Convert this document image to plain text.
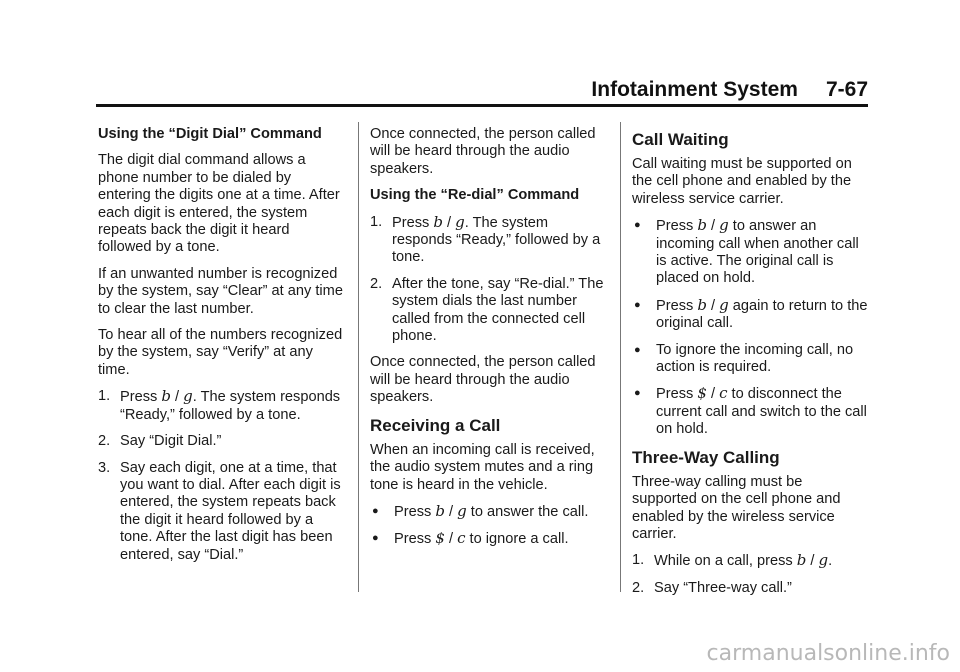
Infotainment System 7-67

Using the “Digit Dial” Command

The digit dial command allows a phone number to be dialed by entering the digits one at a time. After each digit is entered, the system repeats back the digit it heard followed by a tone.

If an unwanted number is recognized by the system, say “Clear” at any time to clear the last number.

To hear all of the numbers recognized by the system, say “Verify” at any time.

1. Press b / g. The system responds “Ready,” followed by a tone.
2. Say “Digit Dial.”
3. Say each digit, one at a time, that you want to dial. After each digit is entered, the system repeats back the digit it heard followed by a tone. After the last digit has been entered, say “Dial.”

Once connected, the person called will be heard through the audio speakers.

Using the “Re-dial” Command

1. Press b / g. The system responds “Ready,” followed by a tone.
2. After the tone, say “Re-dial.” The system dials the last number called from the connected cell phone.

Once connected, the person called will be heard through the audio speakers.

Receiving a Call

When an incoming call is received, the audio system mutes and a ring tone is heard in the vehicle.

●	Press b / g to answer the call.
●	Press $ / c to ignore a call.
Call Waiting

Call waiting must be supported on the cell phone and enabled by the wireless service carrier.

●	Press b / g to answer an incoming call when another call is active. The original call is placed on hold.
●	Press b / g again to return to the original call.
●	To ignore the incoming call, no action is required.
●	Press $ / c to disconnect the current call and switch to the call on hold.
Three-Way Calling

Three-way calling must be supported on the cell phone and enabled by the wireless service carrier.

1. While on a call, press b / g.
2. Say “Three-way call.”
carmanualsonline.info
